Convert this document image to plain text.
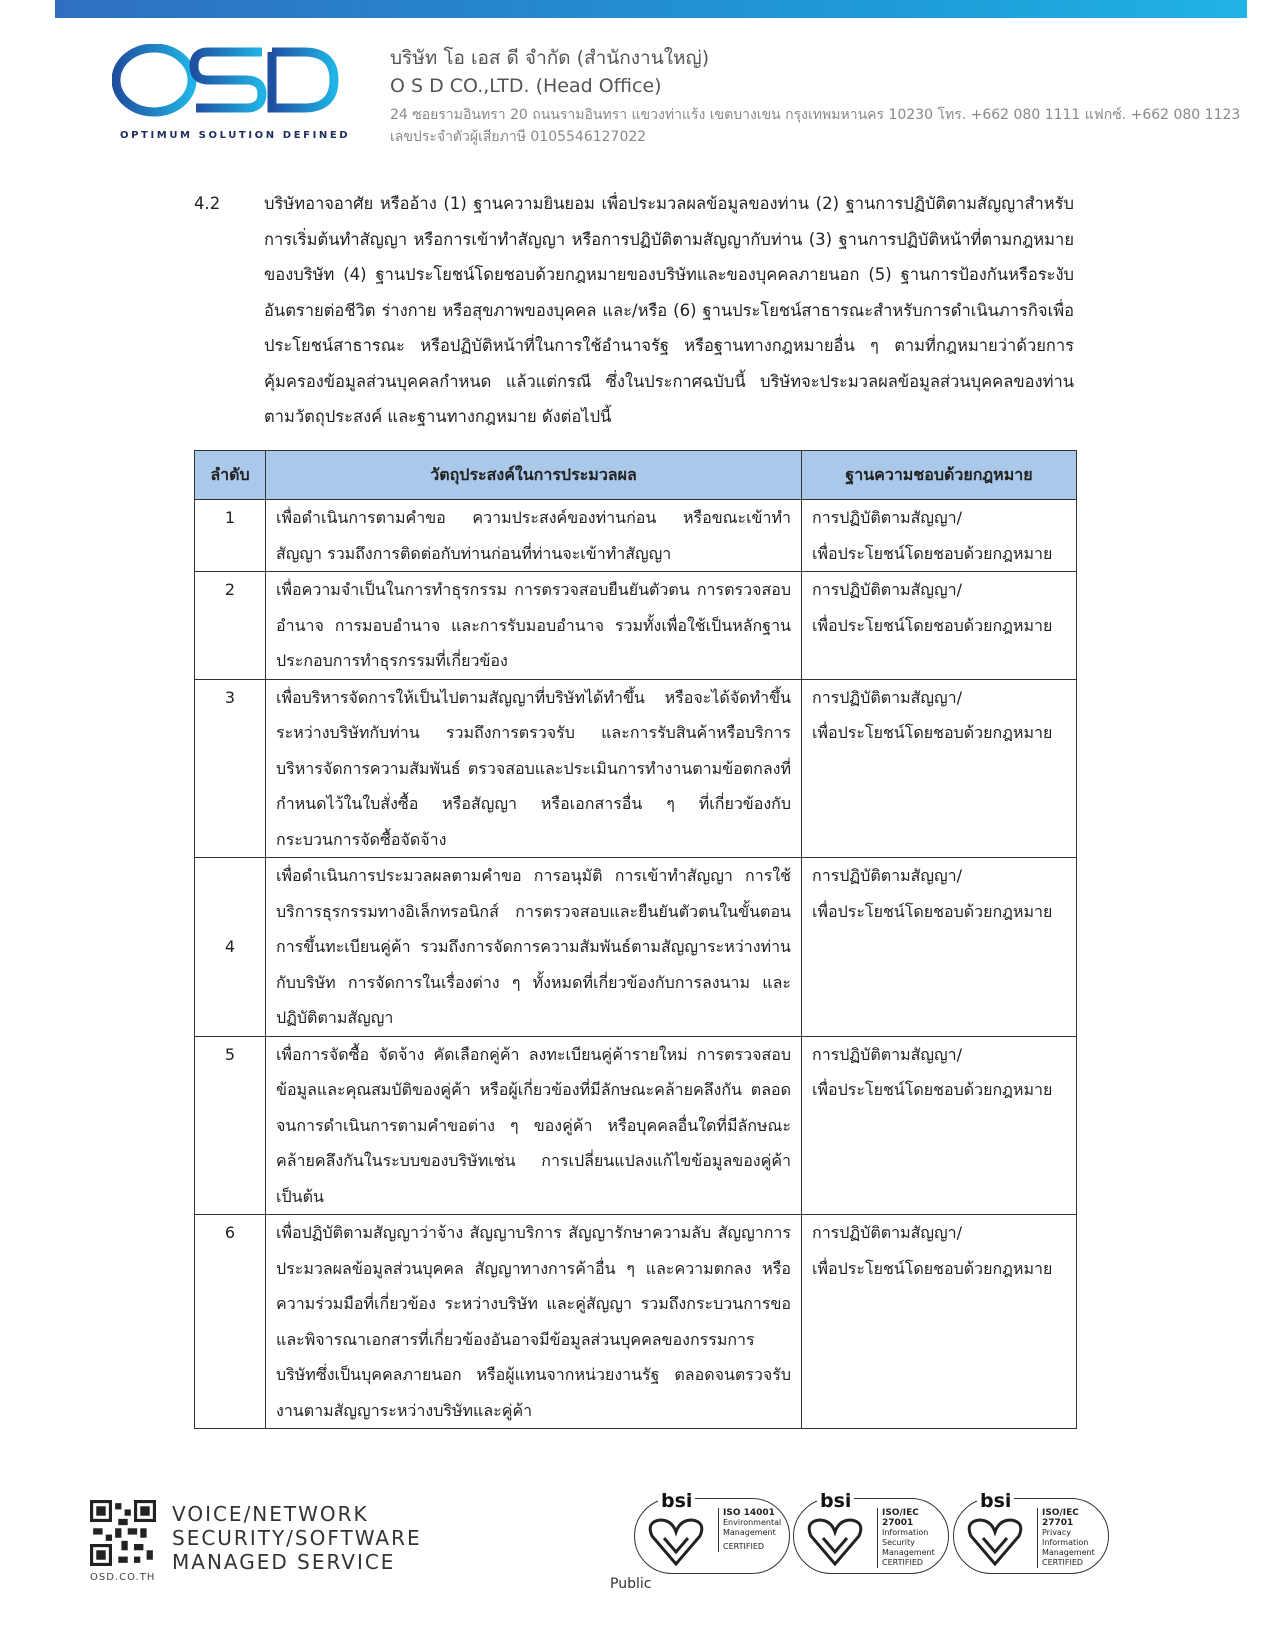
OPTIMUM SOLUTION DEFINED
บริษัท โอ เอส ดี จำกัด (สำนักงานใหญ่)
O S D CO.,LTD. (Head Office)
24 ซอยรามอินทรา 20 ถนนรามอินทรา แขวงท่าแร้ง เขตบางเขน กรุงเทพมหานคร 10230 โทร. +662 080 1111 แฟกซ์. +662 080 1123
เลขประจำตัวผู้เสียภาษี 0105546127022
4.2	บริษัทอาจอาศัย หรืออ้าง (1) ฐานความยินยอม เพื่อประมวลผลข้อมูลของท่าน (2) ฐานการปฏิบัติตามสัญญาสำหรับการเริ่มต้นทำสัญญา หรือการเข้าทำสัญญา หรือการปฏิบัติตามสัญญากับท่าน (3) ฐานการปฏิบัติหน้าที่ตามกฎหมายของบริษัท (4) ฐานประโยชน์โดยชอบด้วยกฎหมายของบริษัทและของบุคคลภายนอก (5) ฐานการป้องกันหรือระงับอันตรายต่อชีวิต ร่างกาย หรือสุขภาพของบุคคล และ/หรือ (6) ฐานประโยชน์สาธารณะสำหรับการดำเนินภารกิจเพื่อประโยชน์สาธารณะ หรือปฏิบัติหน้าที่ในการใช้อำนาจรัฐ หรือฐานทางกฎหมายอื่น ๆ ตามที่กฎหมายว่าด้วยการคุ้มครองข้อมูลส่วนบุคคลกำหนด แล้วแต่กรณี ซึ่งในประกาศฉบับนี้ บริษัทจะประมวลผลข้อมูลส่วนบุคคลของท่าน ตามวัตถุประสงค์ และฐานทางกฎหมาย ดังต่อไปนี้
ลำดับ	วัตถุประสงค์ในการประมวลผล	ฐานความชอบด้วยกฎหมาย
1	เพื่อดำเนินการตามคำขอ ความประสงค์ของท่านก่อน หรือขณะเข้าทำสัญญา รวมถึงการติดต่อกับท่านก่อนที่ท่านจะเข้าทำสัญญา	การปฏิบัติตามสัญญา/
เพื่อประโยชน์โดยชอบด้วยกฎหมาย

2	เพื่อความจำเป็นในการทำธุรกรรม การตรวจสอบยืนยันตัวตน การตรวจสอบอำนาจ การมอบอำนาจ และการรับมอบอำนาจ รวมทั้งเพื่อใช้เป็นหลักฐานประกอบการทำธุรกรรมที่เกี่ยวข้อง	การปฏิบัติตามสัญญา/
เพื่อประโยชน์โดยชอบด้วยกฎหมาย

3	เพื่อบริหารจัดการให้เป็นไปตามสัญญาที่บริษัทได้ทำขึ้น หรือจะได้จัดทำขึ้นระหว่างบริษัทกับท่าน รวมถึงการตรวจรับ และการรับสินค้าหรือบริการ บริหารจัดการความสัมพันธ์ ตรวจสอบและประเมินการทำงานตามข้อตกลงที่กำหนดไว้ในใบสั่งซื้อ หรือสัญญา หรือเอกสารอื่น ๆ ที่เกี่ยวข้องกับกระบวนการจัดซื้อจัดจ้าง	การปฏิบัติตามสัญญา/
เพื่อประโยชน์โดยชอบด้วยกฎหมาย

4	เพื่อดำเนินการประมวลผลตามคำขอ การอนุมัติ การเข้าทำสัญญา การใช้บริการธุรกรรมทางอิเล็กทรอนิกส์ การตรวจสอบและยืนยันตัวตนในขั้นตอนการขึ้นทะเบียนคู่ค้า รวมถึงการจัดการความสัมพันธ์ตามสัญญาระหว่างท่านกับบริษัท การจัดการในเรื่องต่าง ๆ ทั้งหมดที่เกี่ยวข้องกับการลงนาม และปฏิบัติตามสัญญา	การปฏิบัติตามสัญญา/
เพื่อประโยชน์โดยชอบด้วยกฎหมาย

5	เพื่อการจัดซื้อ จัดจ้าง คัดเลือกคู่ค้า ลงทะเบียนคู่ค้ารายใหม่ การตรวจสอบข้อมูลและคุณสมบัติของคู่ค้า หรือผู้เกี่ยวข้องที่มีลักษณะคล้ายคลึงกัน ตลอดจนการดำเนินการตามคำขอต่าง ๆ ของคู่ค้า หรือบุคคลอื่นใดที่มีลักษณะคล้ายคลึงกันในระบบของบริษัทเช่น การเปลี่ยนแปลงแก้ไขข้อมูลของคู่ค้า เป็นต้น	การปฏิบัติตามสัญญา/
เพื่อประโยชน์โดยชอบด้วยกฎหมาย

6	เพื่อปฏิบัติตามสัญญาว่าจ้าง สัญญาบริการ สัญญารักษาความลับ สัญญาการประมวลผลข้อมูลส่วนบุคคล สัญญาทางการค้าอื่น ๆ และความตกลง หรือความร่วมมือที่เกี่ยวข้อง ระหว่างบริษัท และคู่สัญญา รวมถึงกระบวนการขอ และพิจารณาเอกสารที่เกี่ยวข้องอันอาจมีข้อมูลส่วนบุคคลของกรรมการบริษัทซึ่งเป็นบุคคลภายนอก หรือผู้แทนจากหน่วยงานรัฐ ตลอดจนตรวจรับงานตามสัญญาระหว่างบริษัทและคู่ค้า	การปฏิบัติตามสัญญา/
เพื่อประโยชน์โดยชอบด้วยกฎหมาย
OSD.CO.TH
VOICE/NETWORK
SECURITY/SOFTWARE
MANAGED SERVICE
Public
bsi
ISO 14001
Environmental Management
CERTIFIED
bsi
ISO/IEC 27001
Information Security Management
CERTIFIED
bsi
ISO/IEC 27701
Privacy Information Management
CERTIFIED
